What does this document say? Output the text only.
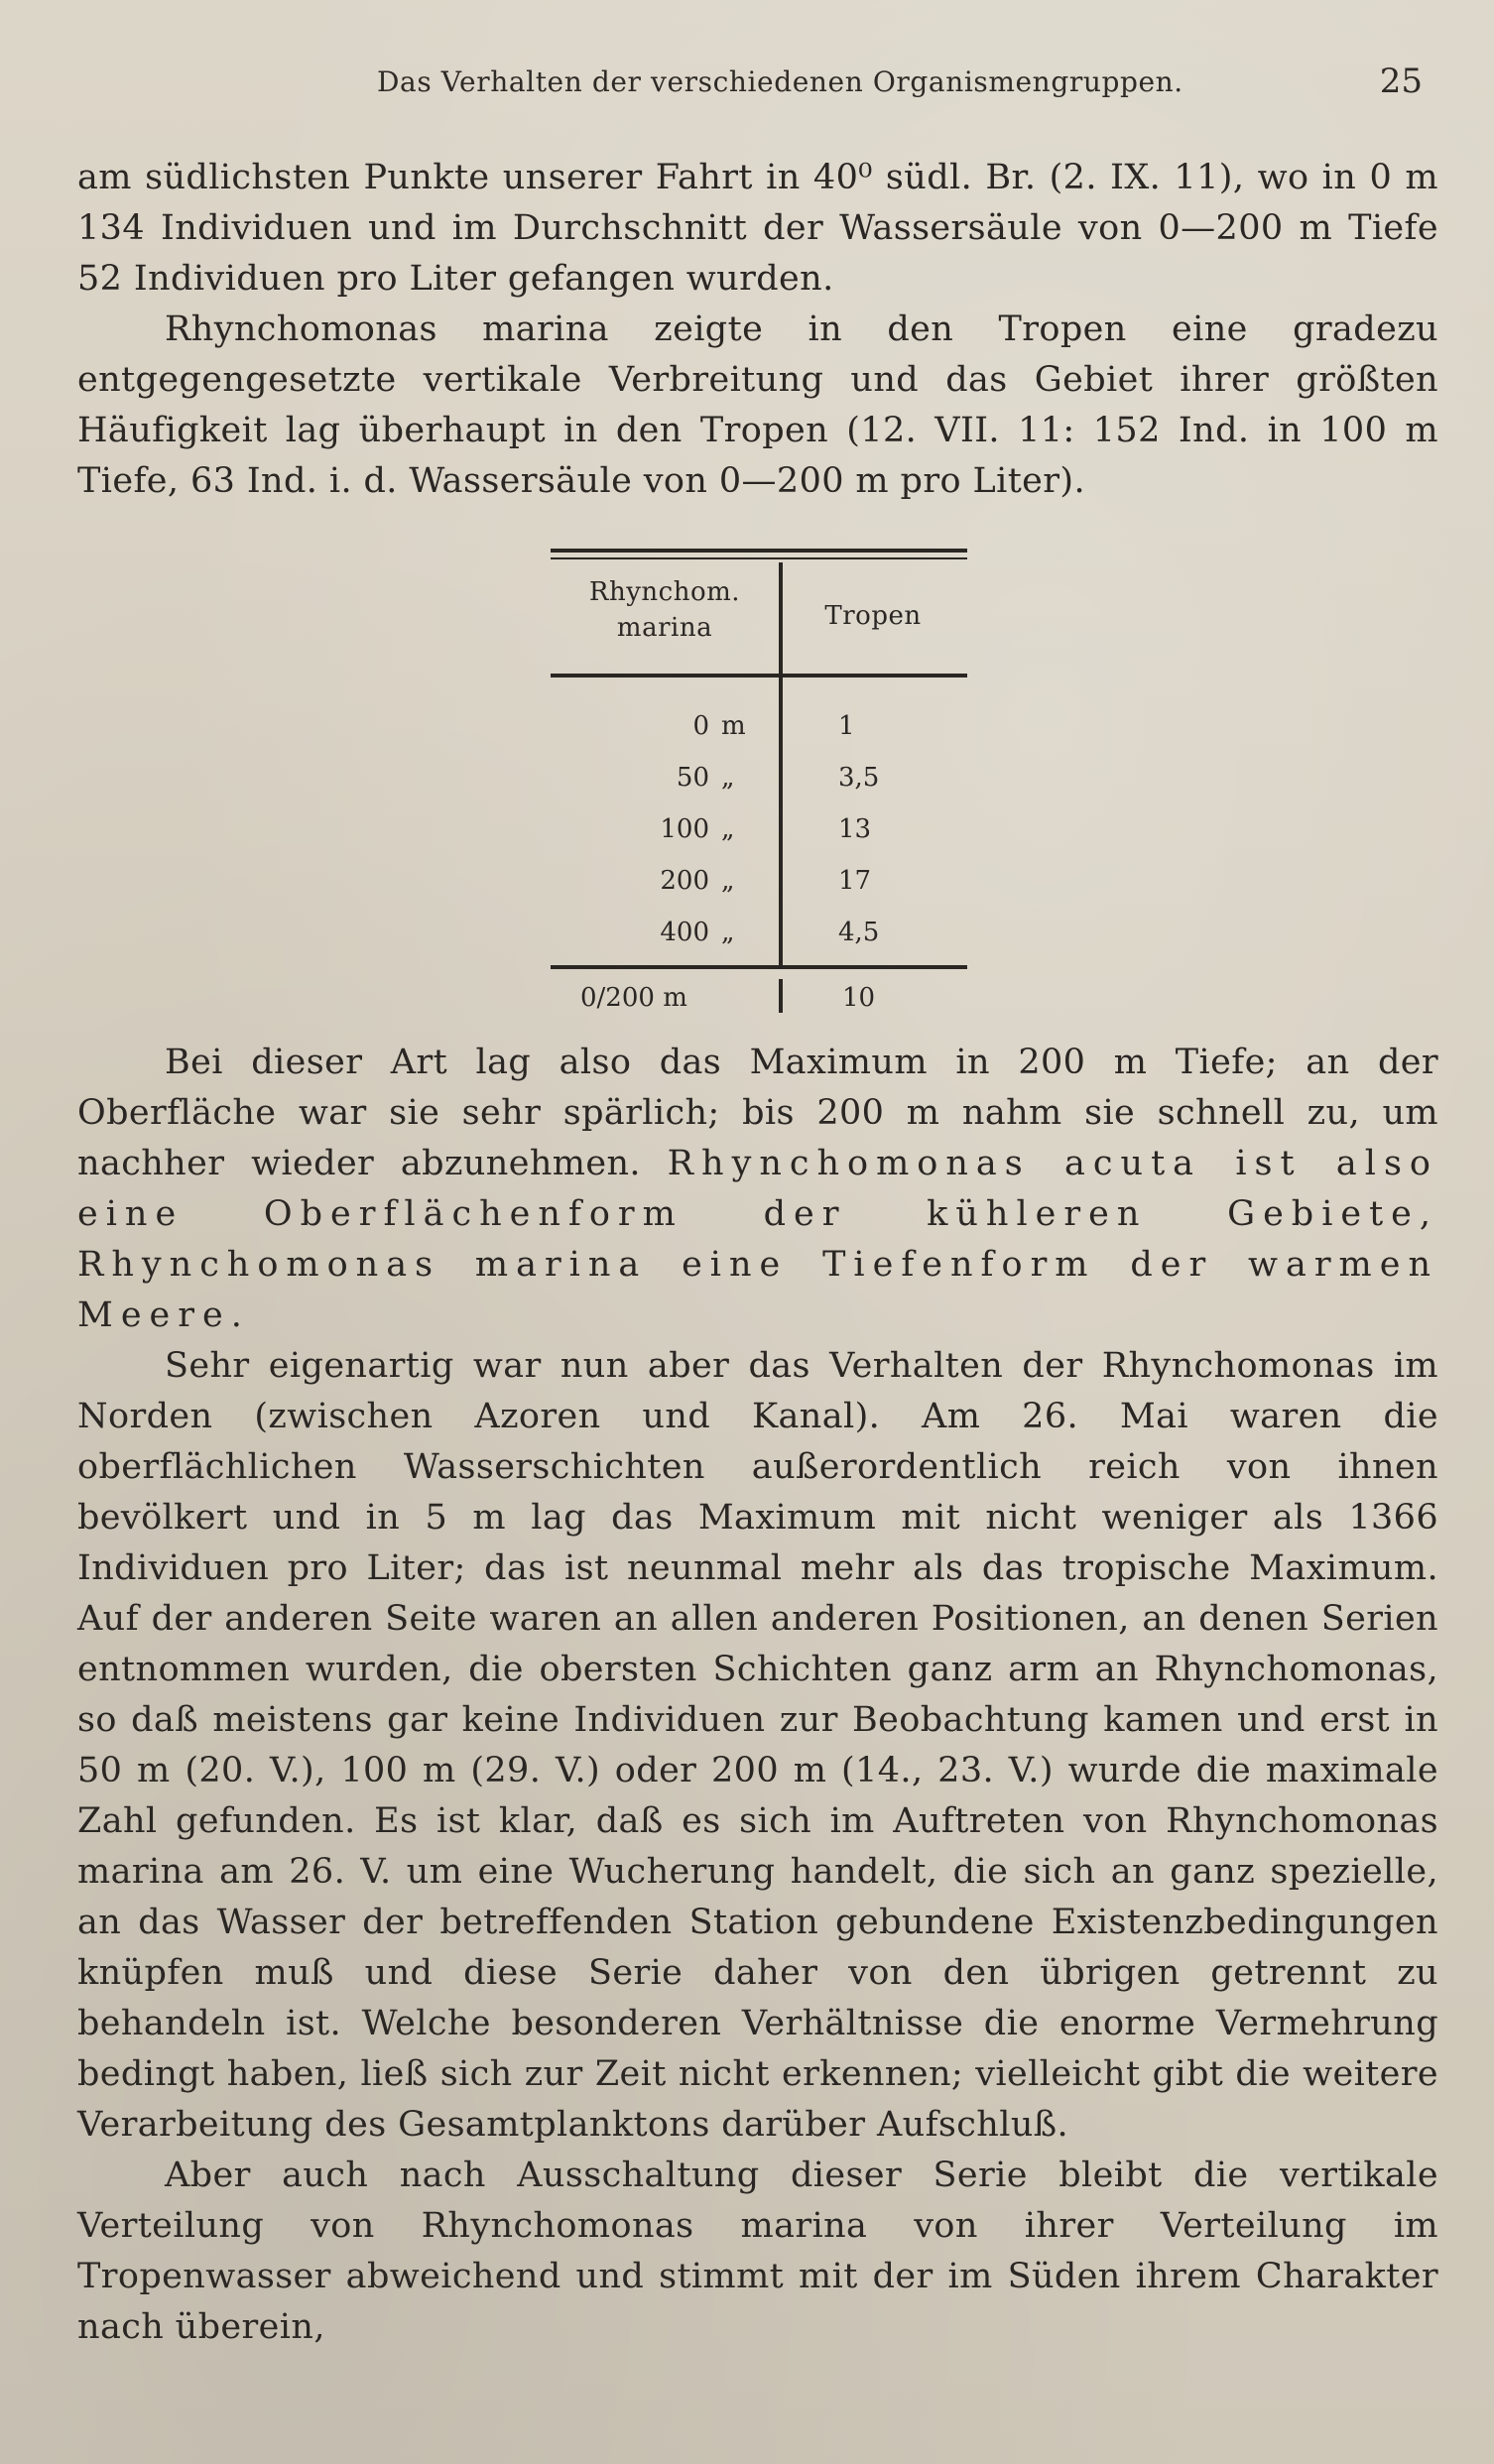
Das Verhalten der verschiedenen Organismengruppen.	25

am südlichsten Punkte unserer Fahrt in 40⁰ südl. Br. (2. IX. 11), wo in 0 m 134 Individuen und im Durchschnitt der Wassersäule von 0—200 m Tiefe 52 Individuen pro Liter gefangen wurden.

Rhynchomonas marina zeigte in den Tropen eine gradezu entgegengesetzte vertikale Verbreitung und das Gebiet ihrer größten Häufigkeit lag überhaupt in den Tropen (12. VII. 11: 152 Ind. in 100 m Tiefe, 63 Ind. i. d. Wassersäule von 0—200 m pro Liter).

Rhynchom. marina	Tropen
0 m	1
50 „	3,5
100 „	13
200 „	17
400 „	4,5
0/200 m	10

Bei dieser Art lag also das Maximum in 200 m Tiefe; an der Oberfläche war sie sehr spärlich; bis 200 m nahm sie schnell zu, um nachher wieder abzunehmen. Rhynchomonas acuta ist also eine Oberflächenform der kühleren Gebiete, Rhynchomonas marina eine Tiefenform der warmen Meere.

Sehr eigenartig war nun aber das Verhalten der Rhynchomonas im Norden (zwischen Azoren und Kanal). Am 26. Mai waren die oberflächlichen Wasserschichten außerordentlich reich von ihnen bevölkert und in 5 m lag das Maximum mit nicht weniger als 1366 Individuen pro Liter; das ist neunmal mehr als das tropische Maximum. Auf der anderen Seite waren an allen anderen Positionen, an denen Serien entnommen wurden, die obersten Schichten ganz arm an Rhynchomonas, so daß meistens gar keine Individuen zur Beobachtung kamen und erst in 50 m (20. V.), 100 m (29. V.) oder 200 m (14., 23. V.) wurde die maximale Zahl gefunden. Es ist klar, daß es sich im Auftreten von Rhynchomonas marina am 26. V. um eine Wucherung handelt, die sich an ganz spezielle, an das Wasser der betreffenden Station gebundene Existenzbedingungen knüpfen muß und diese Serie daher von den übrigen getrennt zu behandeln ist. Welche besonderen Verhältnisse die enorme Vermehrung bedingt haben, ließ sich zur Zeit nicht erkennen; vielleicht gibt die weitere Verarbeitung des Gesamtplanktons darüber Aufschluß.

Aber auch nach Ausschaltung dieser Serie bleibt die vertikale Verteilung von Rhynchomonas marina von ihrer Verteilung im Tropenwasser abweichend und stimmt mit der im Süden ihrem Charakter nach überein,
